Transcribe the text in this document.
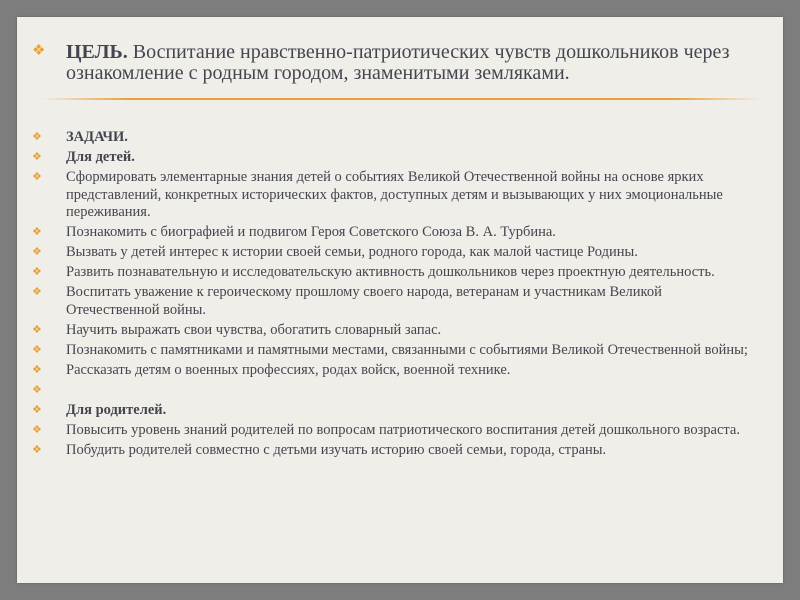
❖ ЦЕЛЬ. Воспитание нравственно-патриотических чувств дошкольников через ознакомление с родным городом, знаменитыми земляками.
❖ ЗАДАЧИ.
❖ Для детей.
❖ Сформировать элементарные знания детей о событиях Великой Отечественной войны на основе ярких представлений, конкретных исторических фактов, доступных детям и вызывающих у них эмоциональные переживания.
❖ Познакомить с биографией и подвигом Героя Советского Союза В. А. Турбина.
❖ Вызвать у детей интерес к истории своей семьи, родного города, как малой частице Родины.
❖ Развить познавательную и исследовательскую активность дошкольников через проектную деятельность.
❖ Воспитать уважение к героическому прошлому своего народа, ветеранам и участникам Великой Отечественной войны.
❖ Научить выражать свои чувства, обогатить словарный запас.
❖ Познакомить с памятниками и памятными местами, связанными с событиями Великой Отечественной войны;
❖ Рассказать детям о военных профессиях, родах войск, военной технике.
❖
❖ Для родителей.
❖ Повысить уровень знаний родителей по вопросам патриотического воспитания детей дошкольного возраста.
❖ Побудить родителей совместно с детьми изучать историю своей семьи, города, страны.
